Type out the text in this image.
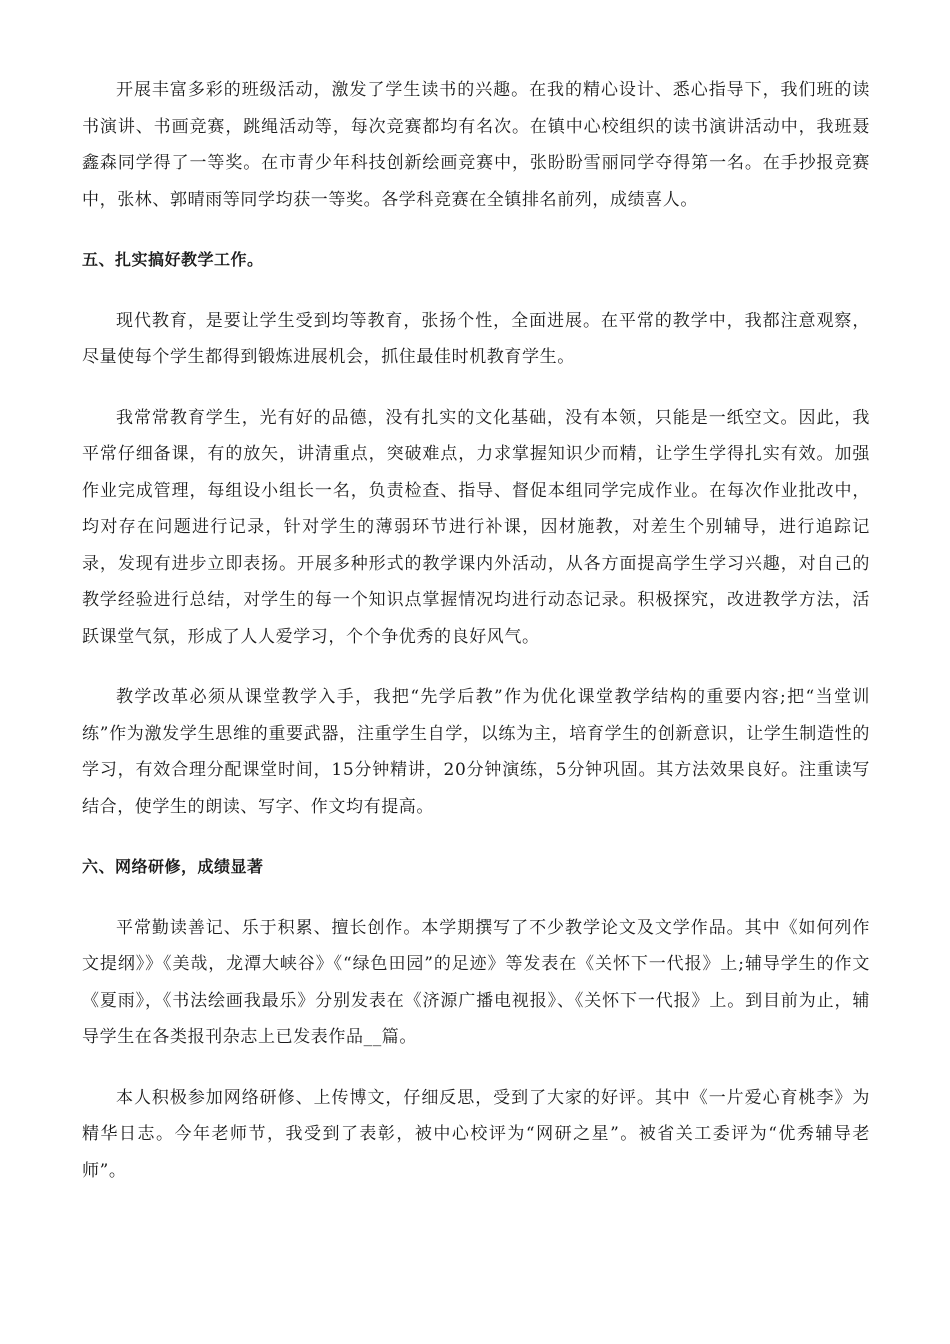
开展丰富多彩的班级活动，激发了学生读书的兴趣。在我的精心设计、悉心指导下，我们班的读书演讲、书画竞赛，跳绳活动等，每次竞赛都均有名次。在镇中心校组织的读书演讲活动中，我班聂鑫森同学得了一等奖。在市青少年科技创新绘画竞赛中，张盼盼雪丽同学夺得第一名。在手抄报竞赛中，张林、郭晴雨等同学均获一等奖。各学科竞赛在全镇排名前列，成绩喜人。

五、扎实搞好教学工作。

现代教育，是要让学生受到均等教育，张扬个性，全面进展。在平常的教学中，我都注意观察，尽量使每个学生都得到锻炼进展机会，抓住最佳时机教育学生。

我常常教育学生，光有好的品德，没有扎实的文化基础，没有本领，只能是一纸空文。因此，我平常仔细备课，有的放矢，讲清重点，突破难点，力求掌握知识少而精，让学生学得扎实有效。加强作业完成管理，每组设小组长一名，负责检查、指导、督促本组同学完成作业。在每次作业批改中，均对存在问题进行记录，针对学生的薄弱环节进行补课，因材施教，对差生个别辅导，进行追踪记录，发现有进步立即表扬。开展多种形式的教学课内外活动，从各方面提高学生学习兴趣，对自己的教学经验进行总结，对学生的每一个知识点掌握情况均进行动态记录。积极探究，改进教学方法，活跃课堂气氛，形成了人人爱学习，个个争优秀的良好风气。

教学改革必须从课堂教学入手，我把“先学后教”作为优化课堂教学结构的重要内容;把“当堂训练”作为激发学生思维的重要武器，注重学生自学，以练为主，培育学生的创新意识，让学生制造性的学习，有效合理分配课堂时间，15分钟精讲，20分钟演练，5分钟巩固。其方法效果良好。注重读写结合，使学生的朗读、写字、作文均有提高。

六、网络研修，成绩显著

平常勤读善记、乐于积累、擅长创作。本学期撰写了不少教学论文及文学作品。其中《如何列作文提纲》》《美哉，龙潭大峡谷》《“绿色田园”的足迹》等发表在《关怀下一代报》上;辅导学生的作文《夏雨》，《书法绘画我最乐》分别发表在《济源广播电视报》、《关怀下一代报》上。到目前为止，辅导学生在各类报刊杂志上已发表作品__篇。

本人积极参加网络研修、上传博文，仔细反思，受到了大家的好评。其中《一片爱心育桃李》为精华日志。今年老师节，我受到了表彰，被中心校评为“网研之星”。被省关工委评为“优秀辅导老师”。
